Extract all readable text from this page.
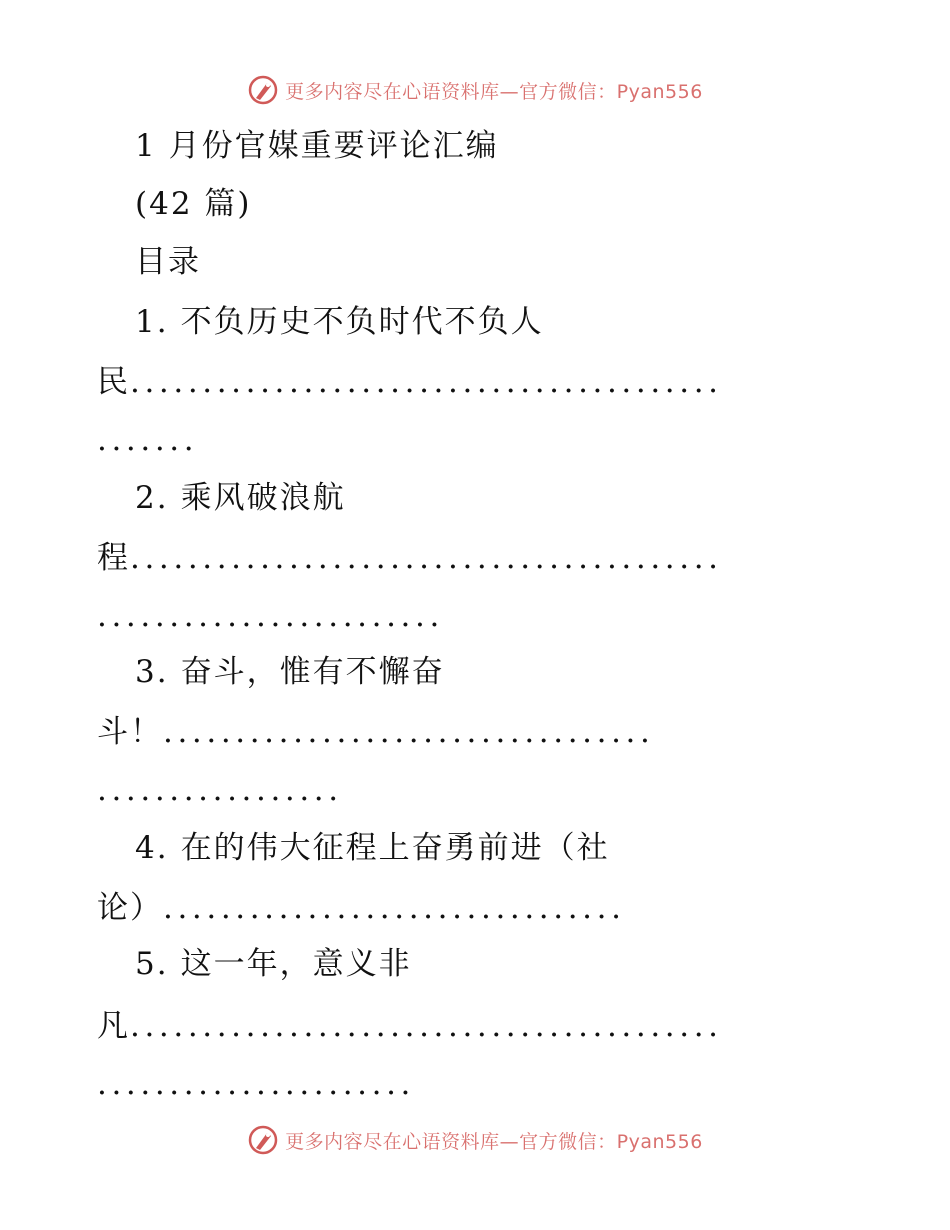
更多内容尽在心语资料库—官方微信：Pyan556
1 月份官媒重要评论汇编
(42 篇)
目录
1. 不负历史不负时代不负人
民.........................................
.......
2. 乘风破浪航
程.........................................
........................
3. 奋斗，惟有不懈奋
斗！..................................
.................
4. 在的伟大征程上奋勇前进（社
论）................................
5. 这一年，意义非
凡.........................................
......................
更多内容尽在心语资料库—官方微信：Pyan556
